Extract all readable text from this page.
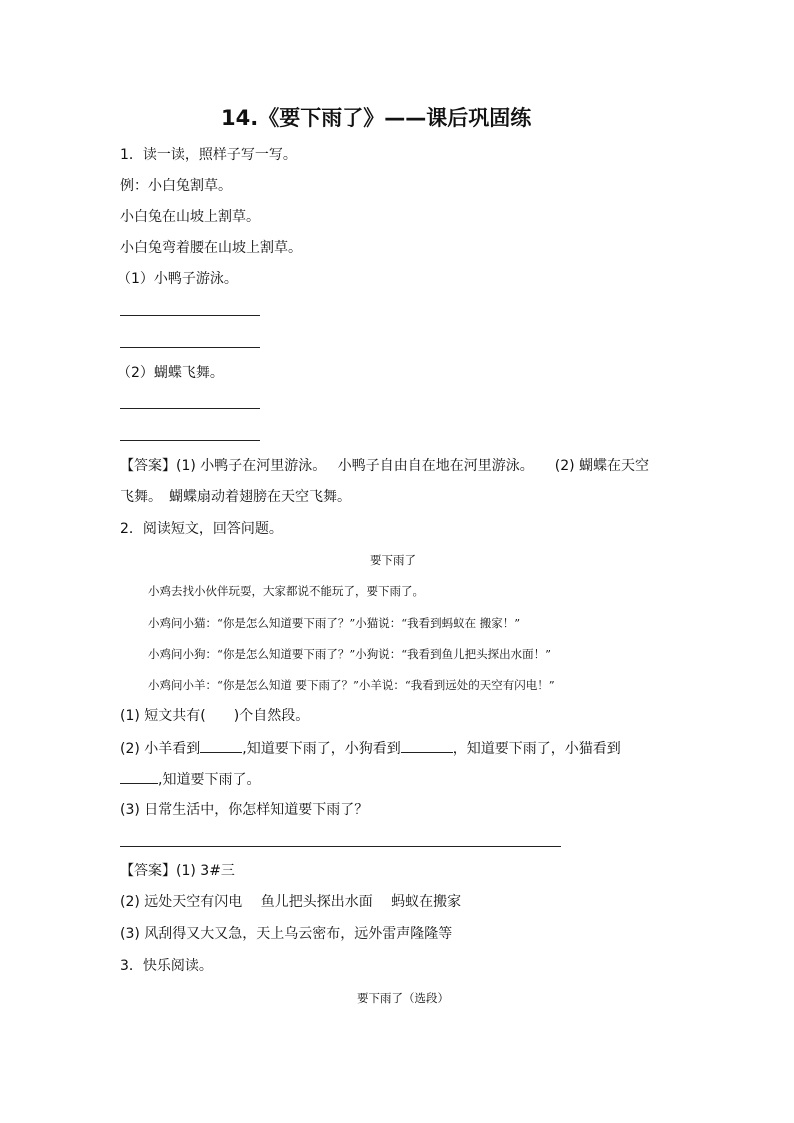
14.《要下雨了》——课后巩固练
1．读一读，照样子写一写。
例：小白兔割草。
小白兔在山坡上割草。
小白兔弯着腰在山坡上割草。
（1）小鸭子游泳。
（2）蝴蝶飞舞。
【答案】(1) 小鸭子在河里游泳。　 小鸭子自由自在地在河里游泳。　　(2) 蝴蝶在天空
飞舞。　蝴蝶扇动着翅膀在天空飞舞。
2．阅读短文，回答问题。
要下雨了
小鸡去找小伙伴玩耍，大家都说不能玩了，要下雨了。
小鸡问小猫：“你是怎么知道要下雨了？”小猫说：“我看到蚂蚁在 搬家！”
小鸡问小狗：“你是怎么知道要下雨了？”小狗说：“我看到鱼儿把头探出水面！”
小鸡问小羊：“你是怎么知道 要下雨了？”小羊说：“我看到远处的天空有闪电！”
(1) 短文共有( )个自然段。
(2) 小羊看到	,知道要下雨了，小狗看到	，知道要下雨了，小猫看到
,知道要下雨了。
(3) 日常生活中，你怎样知道要下雨了？
【答案】(1) 3#三
(2) 远处天空有闪电　 鱼儿把头探出水面　 蚂蚁在搬家
(3) 风刮得又大又急，天上乌云密布，远外雷声隆隆等
3．快乐阅读。
要下雨了（选段）
